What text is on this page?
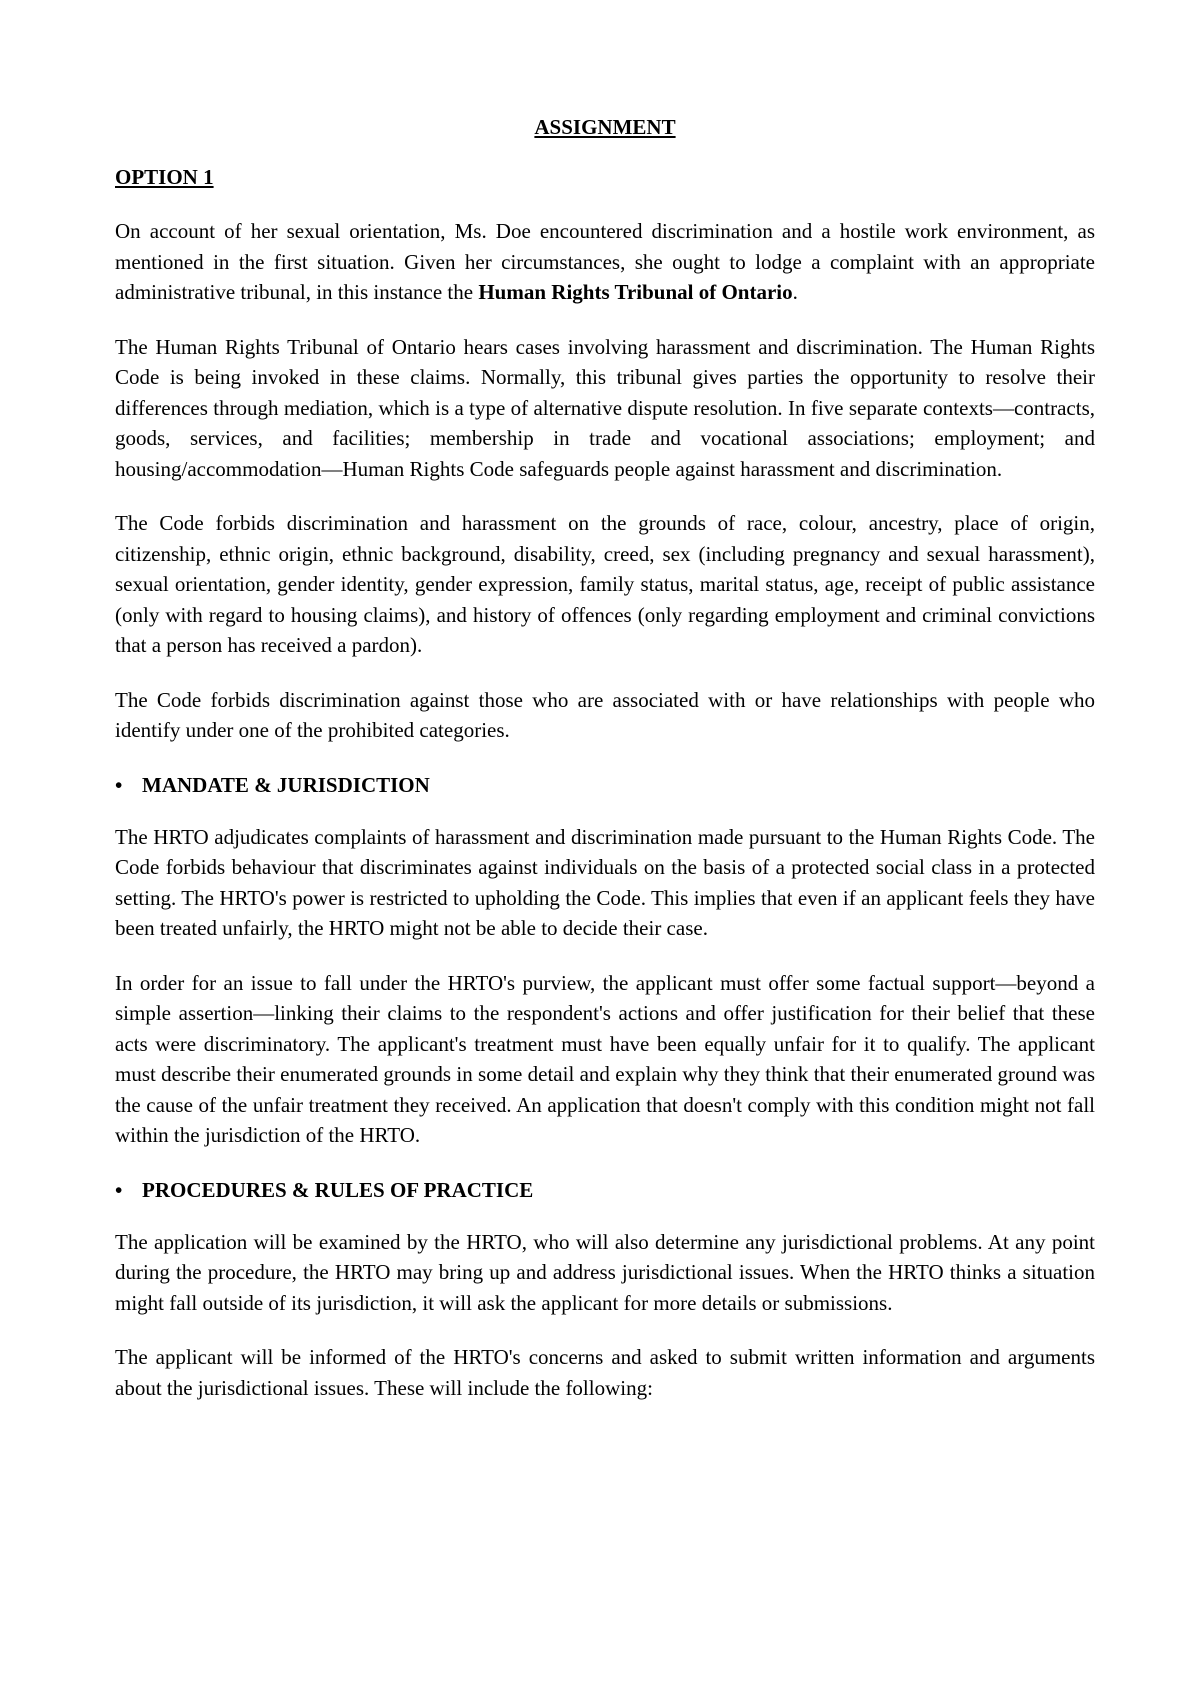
ASSIGNMENT
OPTION 1

On account of her sexual orientation, Ms. Doe encountered discrimination and a hostile work environment, as mentioned in the first situation. Given her circumstances, she ought to lodge a complaint with an appropriate administrative tribunal, in this instance the Human Rights Tribunal of Ontario.

The Human Rights Tribunal of Ontario hears cases involving harassment and discrimination. The Human Rights Code is being invoked in these claims. Normally, this tribunal gives parties the opportunity to resolve their differences through mediation, which is a type of alternative dispute resolution. In five separate contexts—contracts, goods, services, and facilities; membership in trade and vocational associations; employment; and housing/accommodation—Human Rights Code safeguards people against harassment and discrimination.

The Code forbids discrimination and harassment on the grounds of race, colour, ancestry, place of origin, citizenship, ethnic origin, ethnic background, disability, creed, sex (including pregnancy and sexual harassment), sexual orientation, gender identity, gender expression, family status, marital status, age, receipt of public assistance (only with regard to housing claims), and history of offences (only regarding employment and criminal convictions that a person has received a pardon).

The Code forbids discrimination against those who are associated with or have relationships with people who identify under one of the prohibited categories.

• MANDATE & JURISDICTION

The HRTO adjudicates complaints of harassment and discrimination made pursuant to the Human Rights Code. The Code forbids behaviour that discriminates against individuals on the basis of a protected social class in a protected setting. The HRTO's power is restricted to upholding the Code. This implies that even if an applicant feels they have been treated unfairly, the HRTO might not be able to decide their case.

In order for an issue to fall under the HRTO's purview, the applicant must offer some factual support—beyond a simple assertion—linking their claims to the respondent's actions and offer justification for their belief that these acts were discriminatory. The applicant's treatment must have been equally unfair for it to qualify. The applicant must describe their enumerated grounds in some detail and explain why they think that their enumerated ground was the cause of the unfair treatment they received. An application that doesn't comply with this condition might not fall within the jurisdiction of the HRTO.

• PROCEDURES & RULES OF PRACTICE

The application will be examined by the HRTO, who will also determine any jurisdictional problems. At any point during the procedure, the HRTO may bring up and address jurisdictional issues. When the HRTO thinks a situation might fall outside of its jurisdiction, it will ask the applicant for more details or submissions.

The applicant will be informed of the HRTO's concerns and asked to submit written information and arguments about the jurisdictional issues. These will include the following:
